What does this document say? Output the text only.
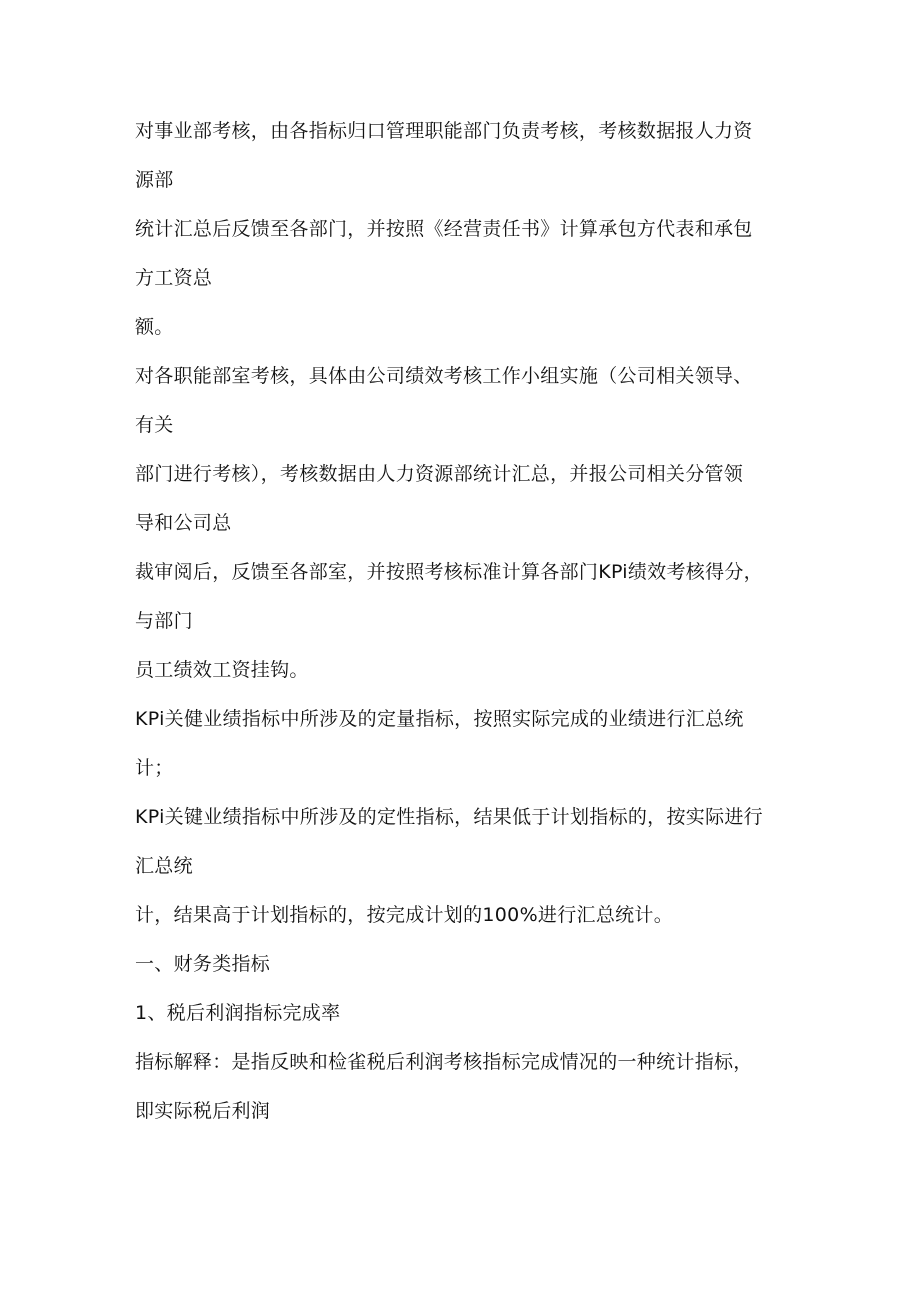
对事业部考核，由各指标归口管理职能部门负责考核，考核数据报人力资
源部
统计汇总后反馈至各部门，并按照《经营责任书》计算承包方代表和承包
方工资总
额。
对各职能部室考核，具体由公司绩效考核工作小组实施（公司相关领导、
有关
部门进行考核），考核数据由人力资源部统计汇总，并报公司相关分管领
导和公司总
裁审阅后，反馈至各部室，并按照考核标准计算各部门KPi绩效考核得分，
与部门
员工绩效工资挂钩。
KPi关健业绩指标中所涉及的定量指标，按照实际完成的业绩进行汇总统
计；
KPi关键业绩指标中所涉及的定性指标，结果低于计划指标的，按实际进行
汇总统
计，结果高于计划指标的，按完成计划的100%进行汇总统计。
一、财务类指标
1、税后利润指标完成率
指标解释：是指反映和检雀税后利润考核指标完成情况的一种统计指标，
即实际税后利润
